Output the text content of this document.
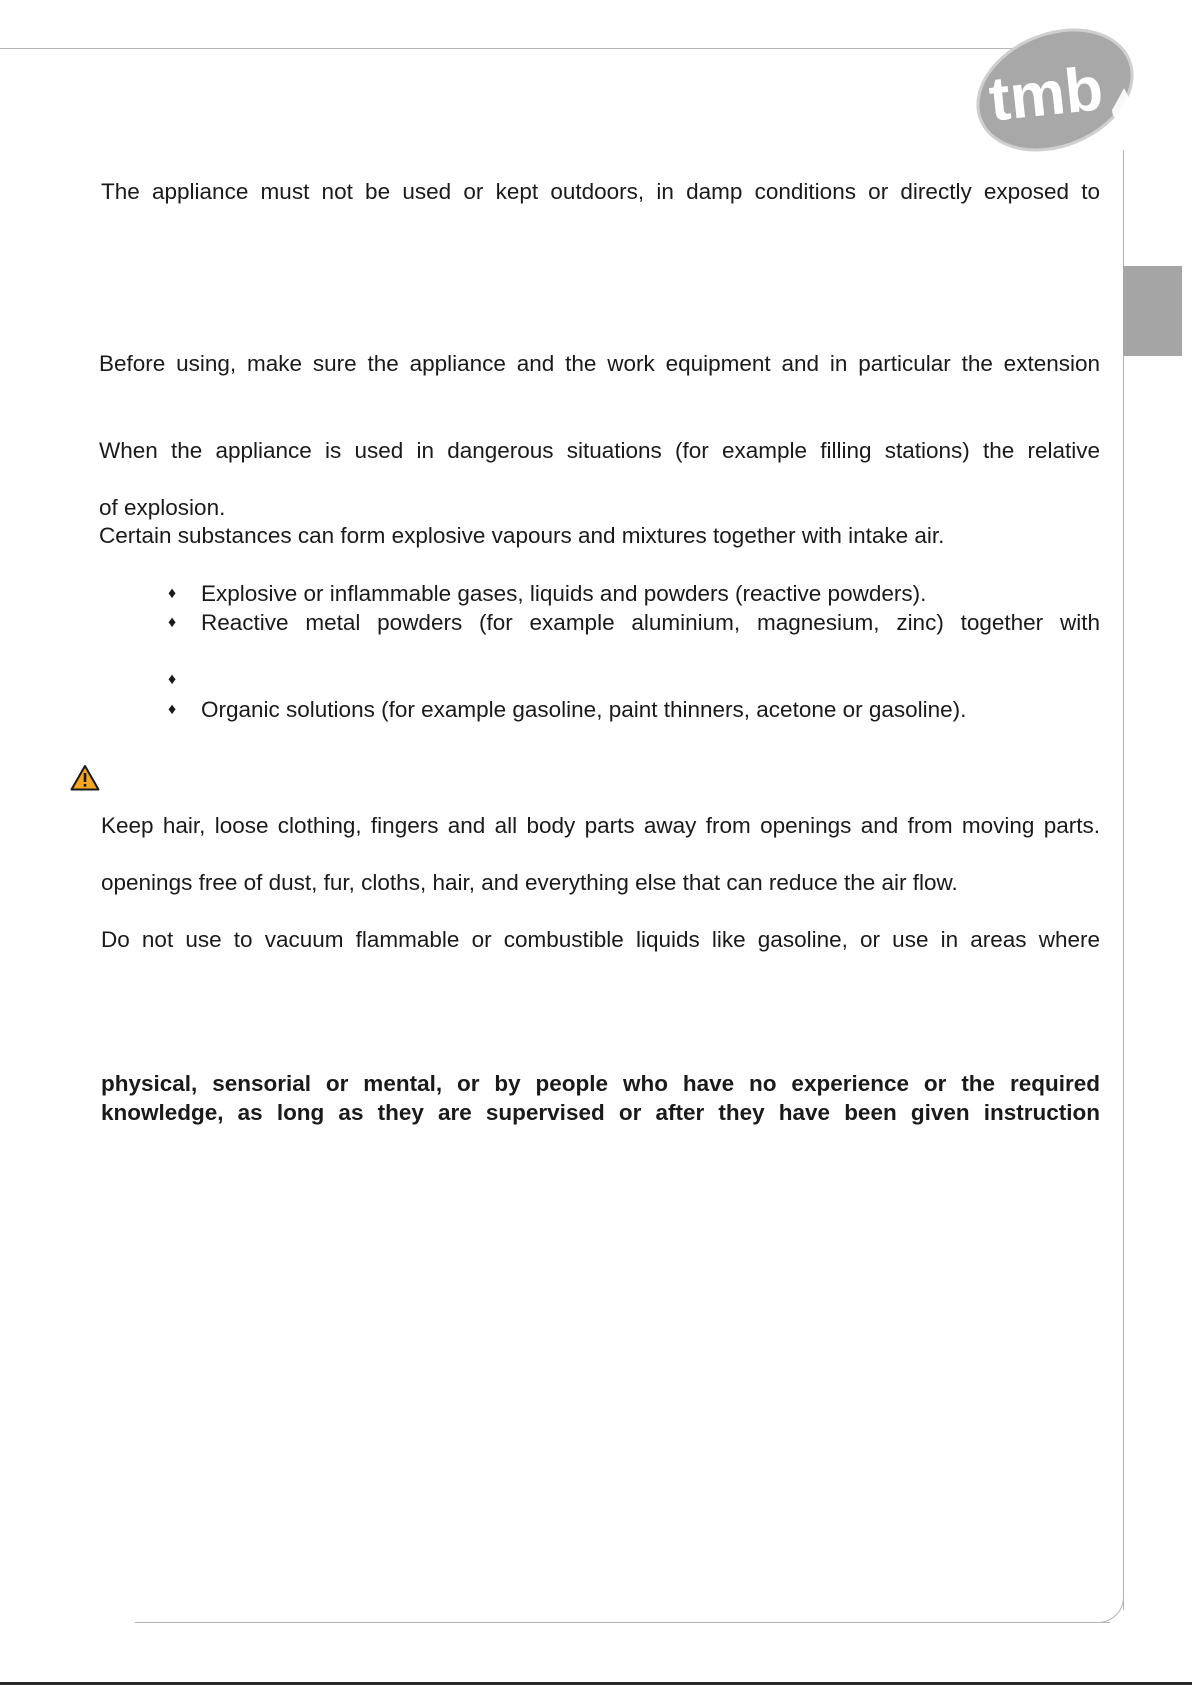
tmb
The appliance must not be used or kept outdoors, in damp conditions or directly exposed to
Before using, make sure the appliance and the work equipment and in particular the extension
When the appliance is used in dangerous situations (for example filling stations) the relative
of explosion.
Certain substances can form explosive vapours and mixtures together with intake air.
♦ Explosive or inflammable gases, liquids and powders (reactive powders).
♦ Reactive metal powders (for example aluminium, magnesium, zinc) together with
♦
♦ Organic solutions (for example gasoline, paint thinners, acetone or gasoline).
Keep hair, loose clothing, fingers and all body parts away from openings and from moving parts.
openings free of dust, fur, cloths, hair, and everything else that can reduce the air flow.
Do not use to vacuum flammable or combustible liquids like gasoline, or use in areas where
physical, sensorial or mental, or by people who have no experience or the required
knowledge, as long as they are supervised or after they have been given instruction
